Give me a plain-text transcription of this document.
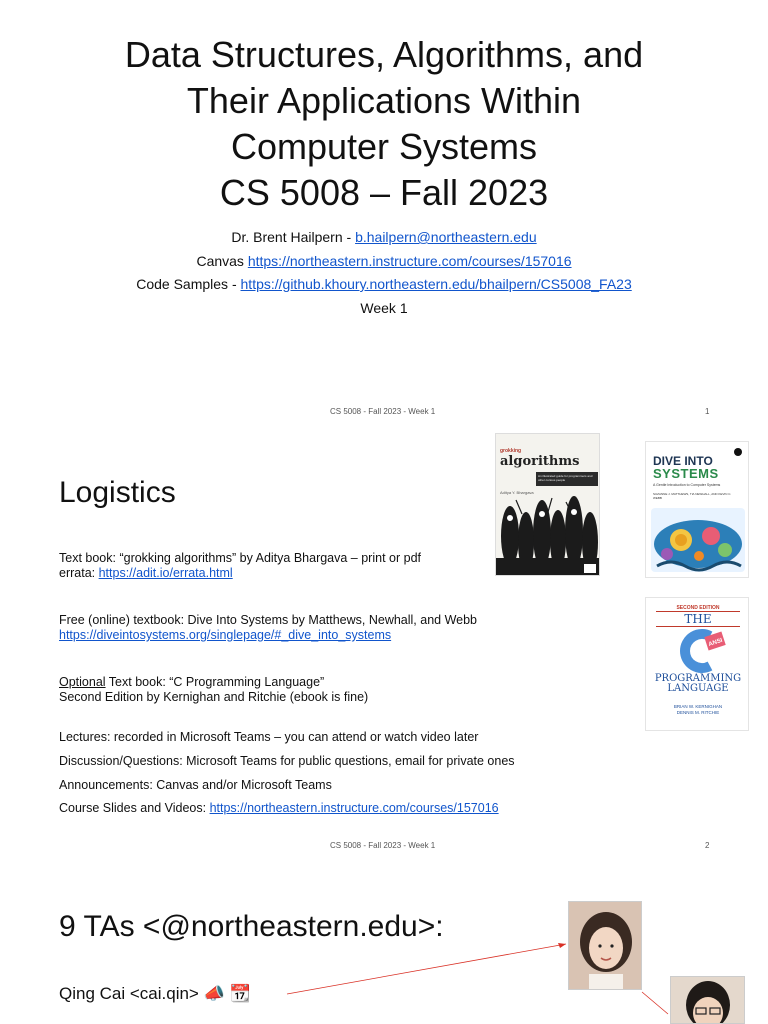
Data Structures, Algorithms, and
Their Applications Within
Computer Systems
CS 5008 – Fall 2023
Dr. Brent Hailpern - b.hailpern@northeastern.edu
Canvas https://northeastern.instructure.com/courses/157016
Code Samples - https://github.khoury.northeastern.edu/bhailpern/CS5008_FA23
Week 1
CS 5008 - Fall 2023 - Week 1	1
Logistics
Text book: “grokking algorithms” by Aditya Bhargava – print or pdf
errata: https://adit.io/errata.html
Free (online) textbook: Dive Into Systems by Matthews, Newhall, and Webb
https://diveintosystems.org/singlepage/#_dive_into_systems
Optional Text book: “C Programming Language”
Second Edition by Kernighan and Ritchie (ebook is fine)
Lectures: recorded in Microsoft Teams – you can attend or watch video later
Discussion/Questions: Microsoft Teams for public questions, email for private ones
Announcements: Canvas and/or Microsoft Teams
Course Slides and Videos: https://northeastern.instructure.com/courses/157016
grokking
algorithms
An illustrated guide for programmers and other curious people
Aditya Y. Bhargava
DIVE INTO
SYSTEMS
A Gentle Introduction to Computer Systems
SUZANNE J. MATTHEWS, TIA NEWHALL, AND KEVIN C. WEBB
SECOND EDITION
THE
ANSI
PROGRAMMING
LANGUAGE
BRIAN W. KERNIGHAN
DENNIS M. RITCHIE
CS 5008 - Fall 2023 - Week 1	2
9 TAs <@northeastern.edu>:
Qing Cai <cai.qin> 📣 📆
